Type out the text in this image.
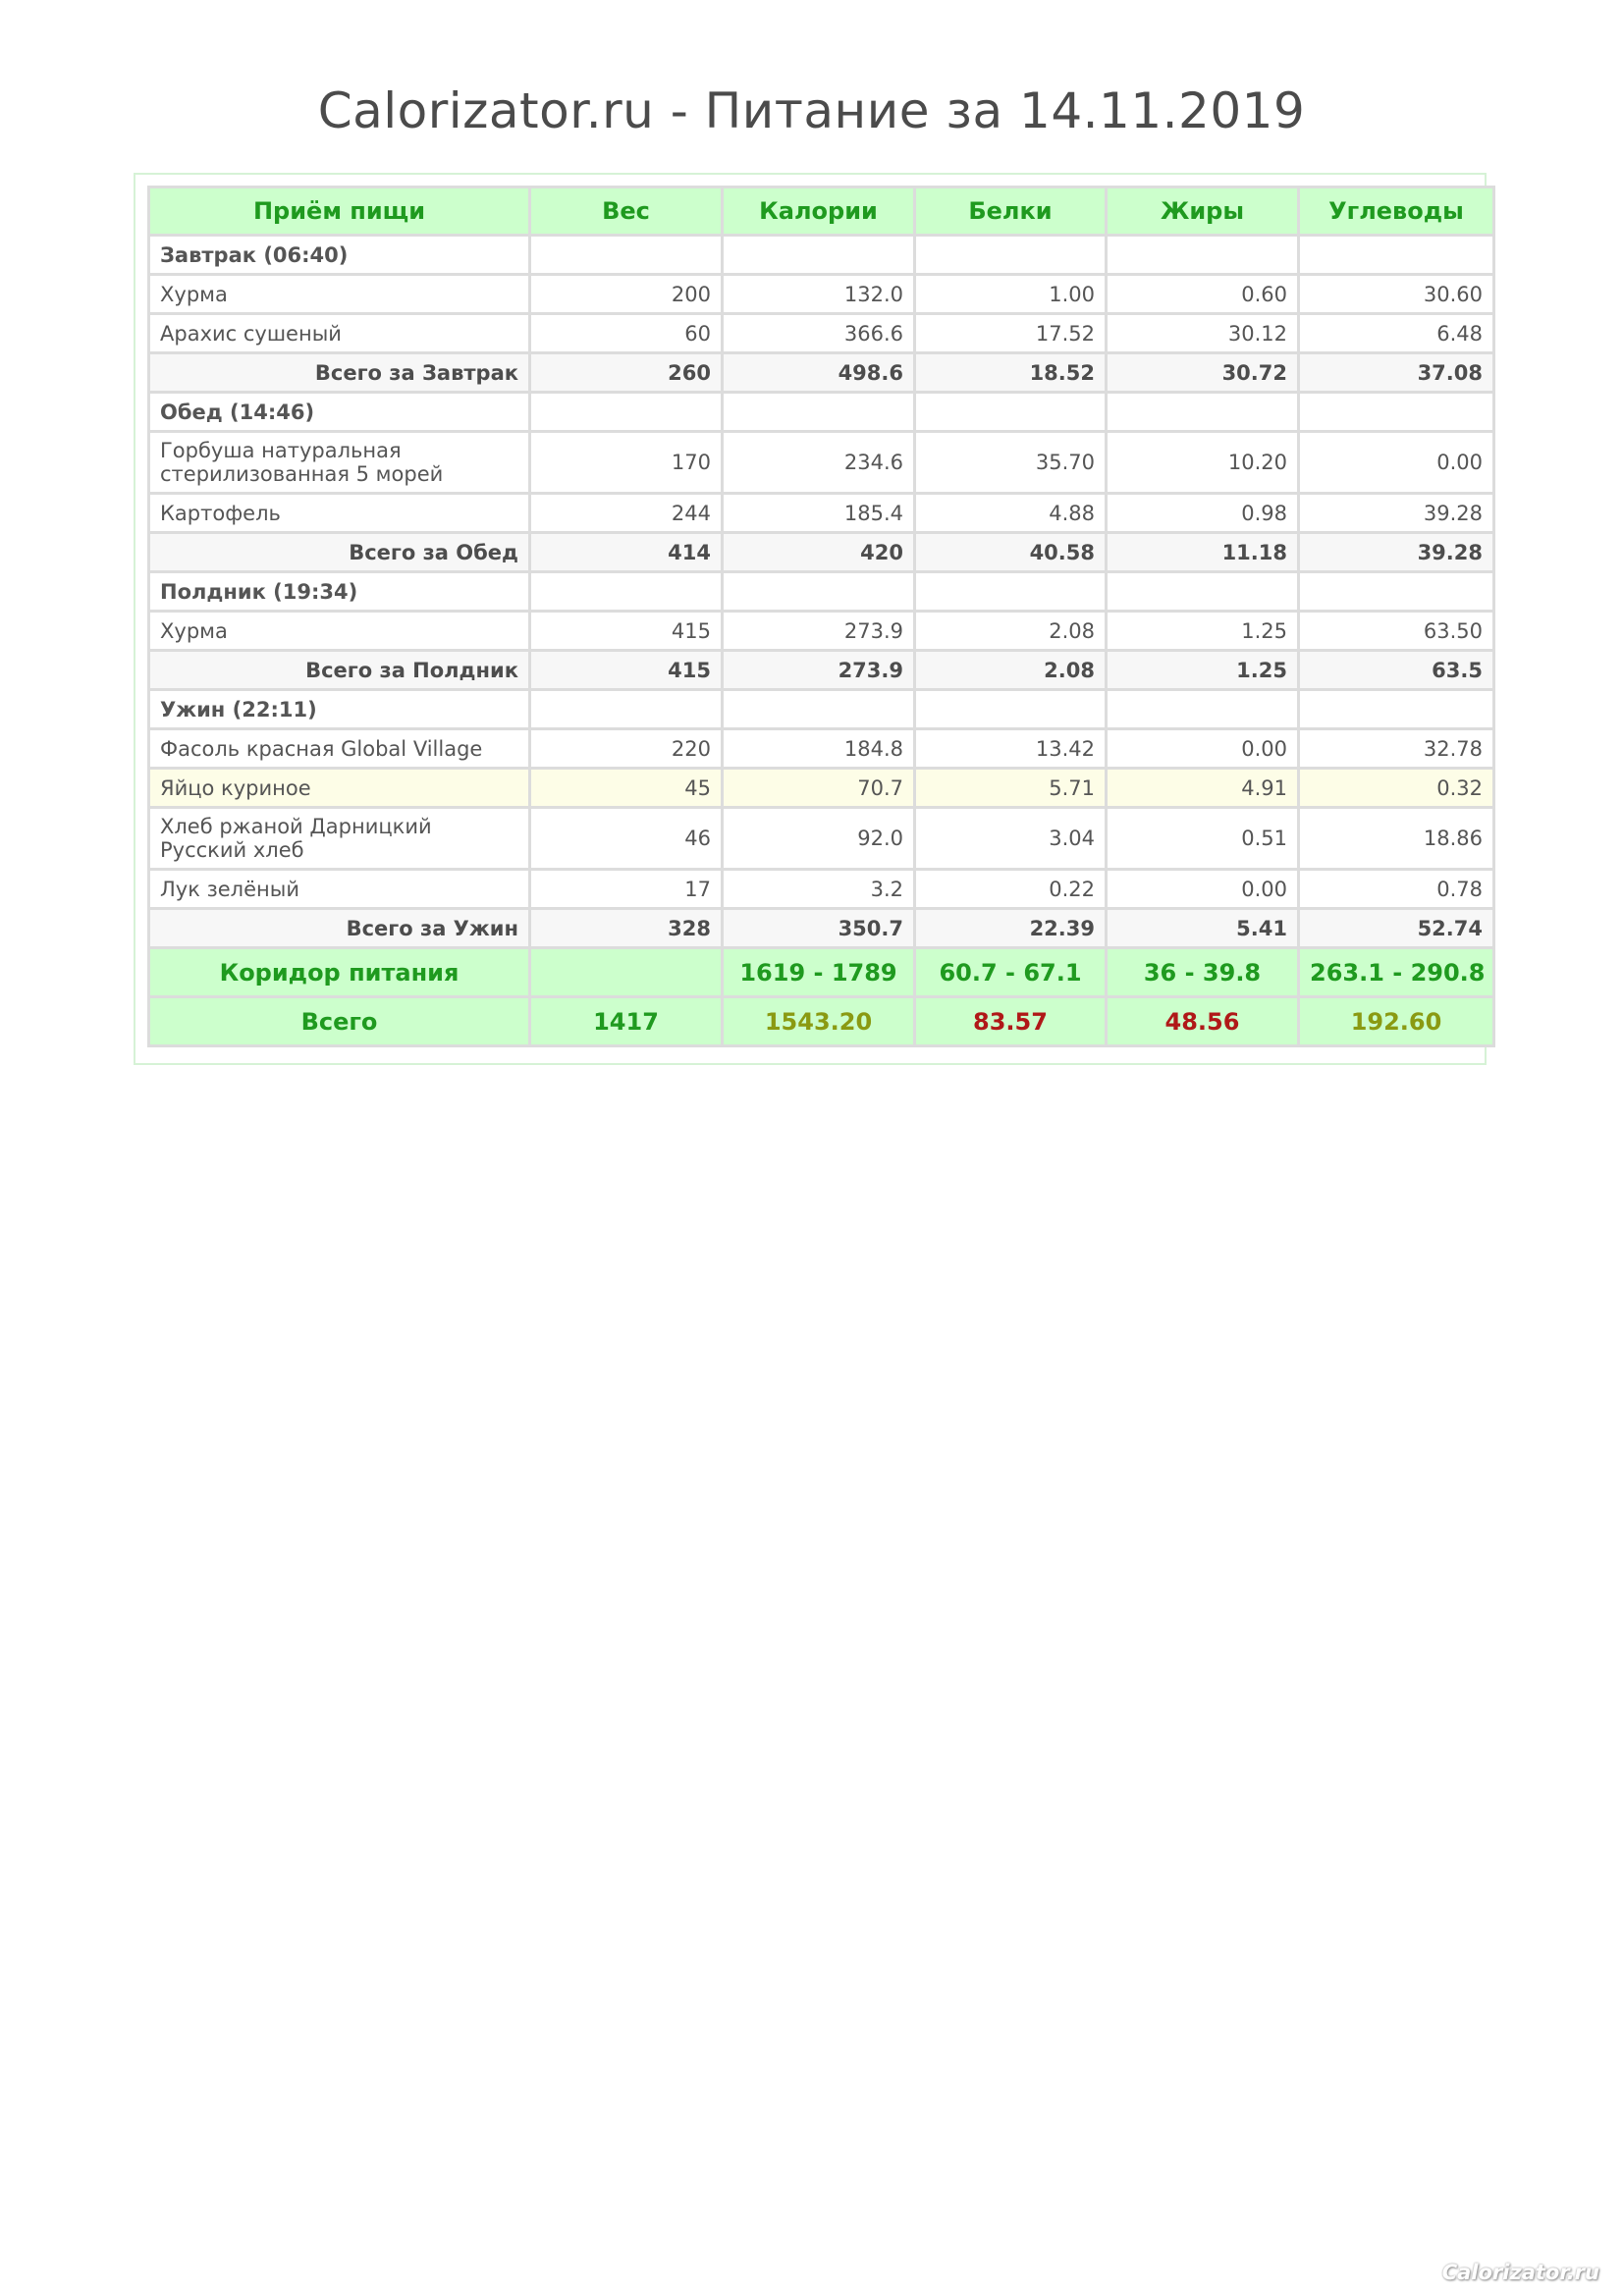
Calorizator.ru - Питание за 14.11.2019
Приём пищи	Вес	Калории	Белки	Жиры	Углеводы
Завтрак (06:40)					
Хурма	200	132.0	1.00	0.60	30.60
Арахис сушеный	60	366.6	17.52	30.12	6.48
Всего за Завтрак	260	498.6	18.52	30.72	37.08
Обед (14:46)					
Горбуша натуральная стерилизованная 5 морей	170	234.6	35.70	10.20	0.00
Картофель	244	185.4	4.88	0.98	39.28
Всего за Обед	414	420	40.58	11.18	39.28
Полдник (19:34)					
Хурма	415	273.9	2.08	1.25	63.50
Всего за Полдник	415	273.9	2.08	1.25	63.5
Ужин (22:11)					
Фасоль красная Global Village	220	184.8	13.42	0.00	32.78
Яйцо куриное	45	70.7	5.71	4.91	0.32
Хлеб ржаной Дарницкий Русский хлеб	46	92.0	3.04	0.51	18.86
Лук зелёный	17	3.2	0.22	0.00	0.78
Всего за Ужин	328	350.7	22.39	5.41	52.74
Коридор питания		1619 - 1789	60.7 - 67.1	36 - 39.8	263.1 - 290.8
Всего	1417	1543.20	83.57	48.56	192.60
Calorizator.ru
